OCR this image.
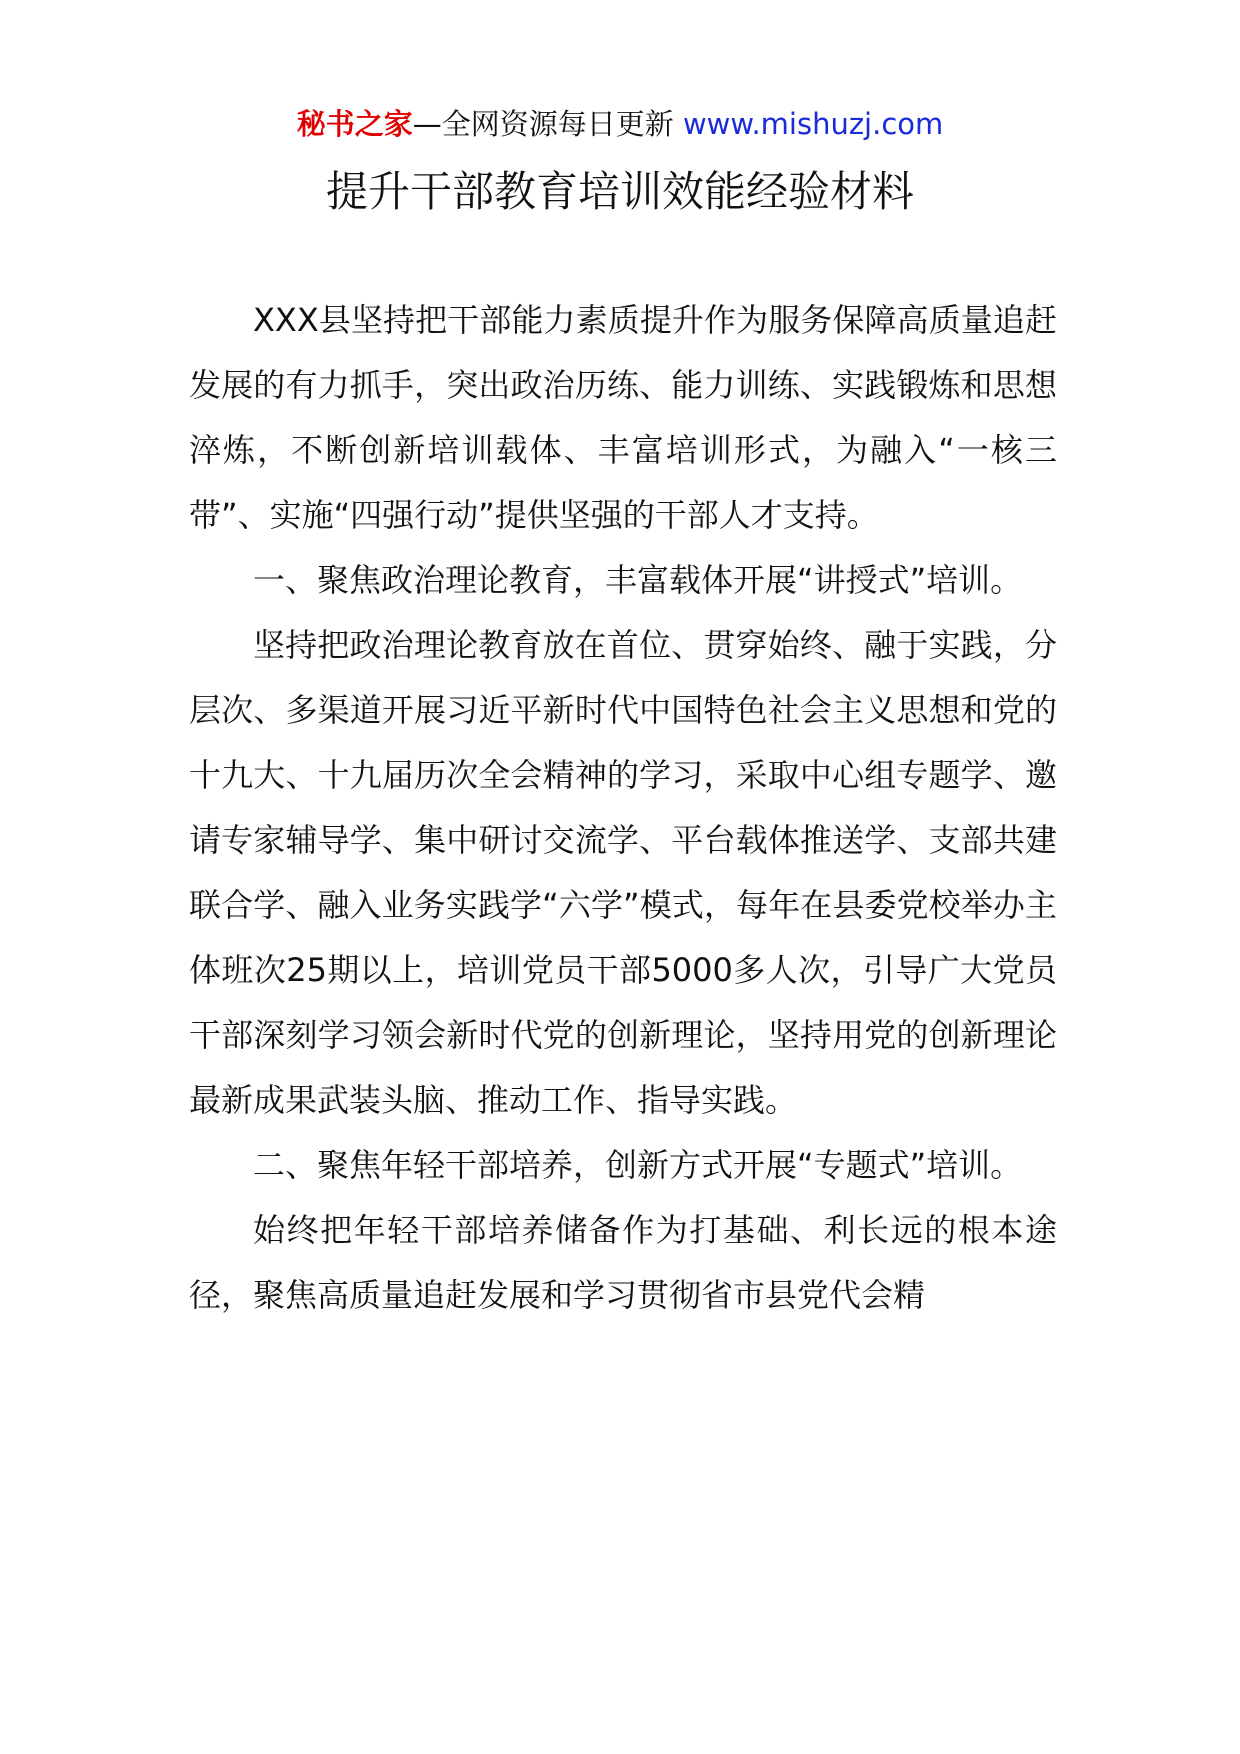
秘书之家—全网资源每日更新 www.mishuzj.com
提升干部教育培训效能经验材料

XXX县坚持把干部能力素质提升作为服务保障高质量追赶发展的有力抓手，突出政治历练、能力训练、实践锻炼和思想淬炼，不断创新培训载体、丰富培训形式，为融入“一核三带”、实施“四强行动”提供坚强的干部人才支持。

一、聚焦政治理论教育，丰富载体开展“讲授式”培训。

坚持把政治理论教育放在首位、贯穿始终、融于实践，分层次、多渠道开展习近平新时代中国特色社会主义思想和党的十九大、十九届历次全会精神的学习，采取中心组专题学、邀请专家辅导学、集中研讨交流学、平台载体推送学、支部共建联合学、融入业务实践学“六学”模式，每年在县委党校举办主体班次25期以上，培训党员干部5000多人次，引导广大党员干部深刻学习领会新时代党的创新理论，坚持用党的创新理论最新成果武装头脑、推动工作、指导实践。

二、聚焦年轻干部培养，创新方式开展“专题式”培训。

始终把年轻干部培养储备作为打基础、利长远的根本途径，聚焦高质量追赶发展和学习贯彻省市县党代会精
